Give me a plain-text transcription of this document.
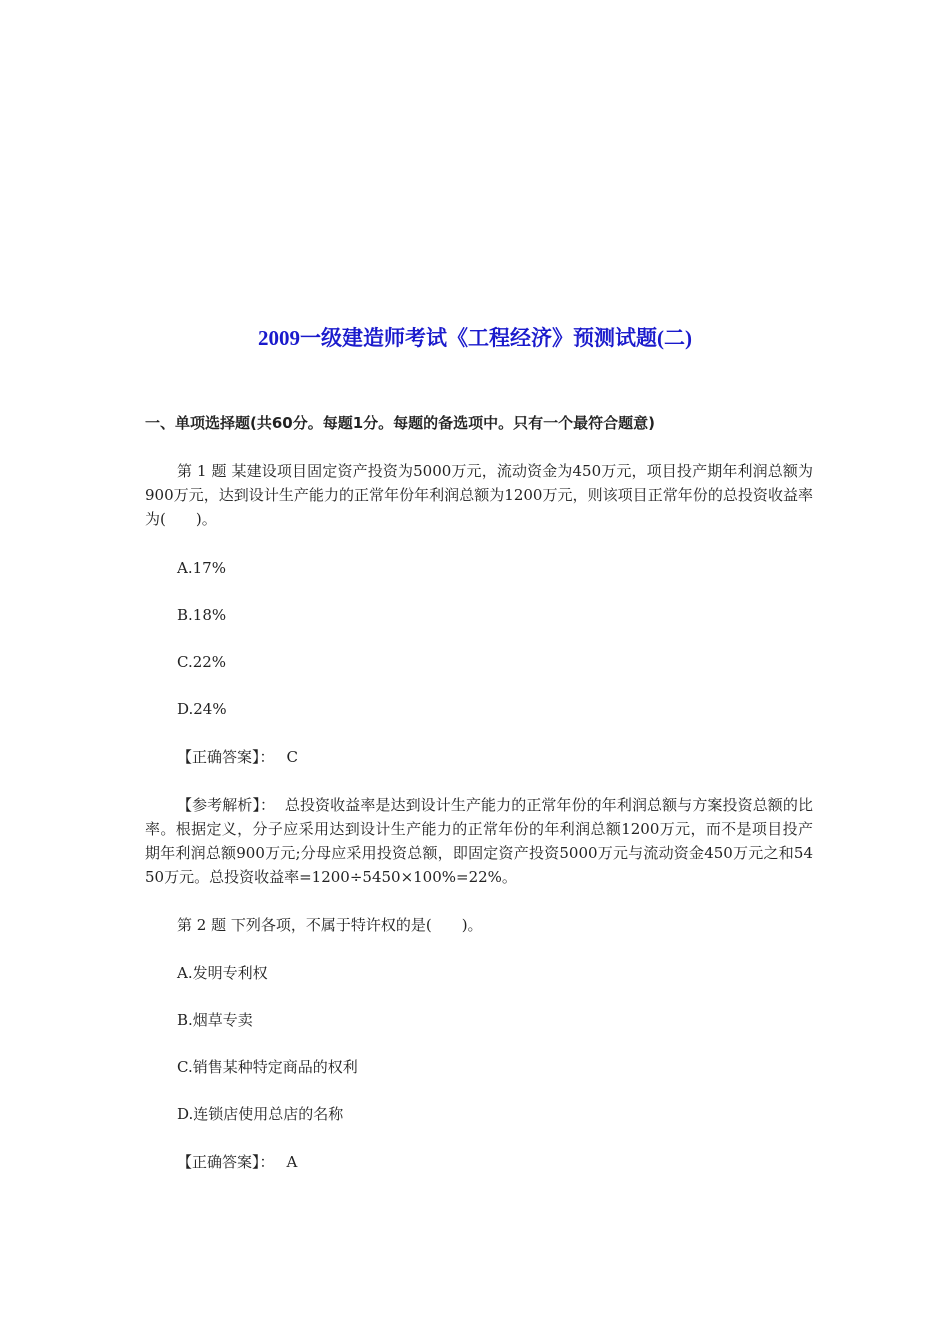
2009一级建造师考试《工程经济》预测试题(二)
一、单项选择题(共60分。每题1分。每题的备选项中。只有一个最符合题意)
第 1 题 某建设项目固定资产投资为5000万元，流动资金为450万元，项目投产期年利润总额为900万元，达到设计生产能力的正常年份年利润总额为1200万元，则该项目正常年份的总投资收益率为(　　)。
A.17%
B.18%
C.22%
D.24%
【正确答案】： C
【参考解析】： 总投资收益率是达到设计生产能力的正常年份的年利润总额与方案投资总额的比率。根据定义，分子应采用达到设计生产能力的正常年份的年利润总额1200万元，而不是项目投产期年利润总额900万元;分母应采用投资总额，即固定资产投资5000万元与流动资金450万元之和5450万元。总投资收益率=1200÷5450×100%=22%。
第 2 题 下列各项，不属于特许权的是(　　)。
A.发明专利权
B.烟草专卖
C.销售某种特定商品的权利
D.连锁店使用总店的名称
【正确答案】： A
